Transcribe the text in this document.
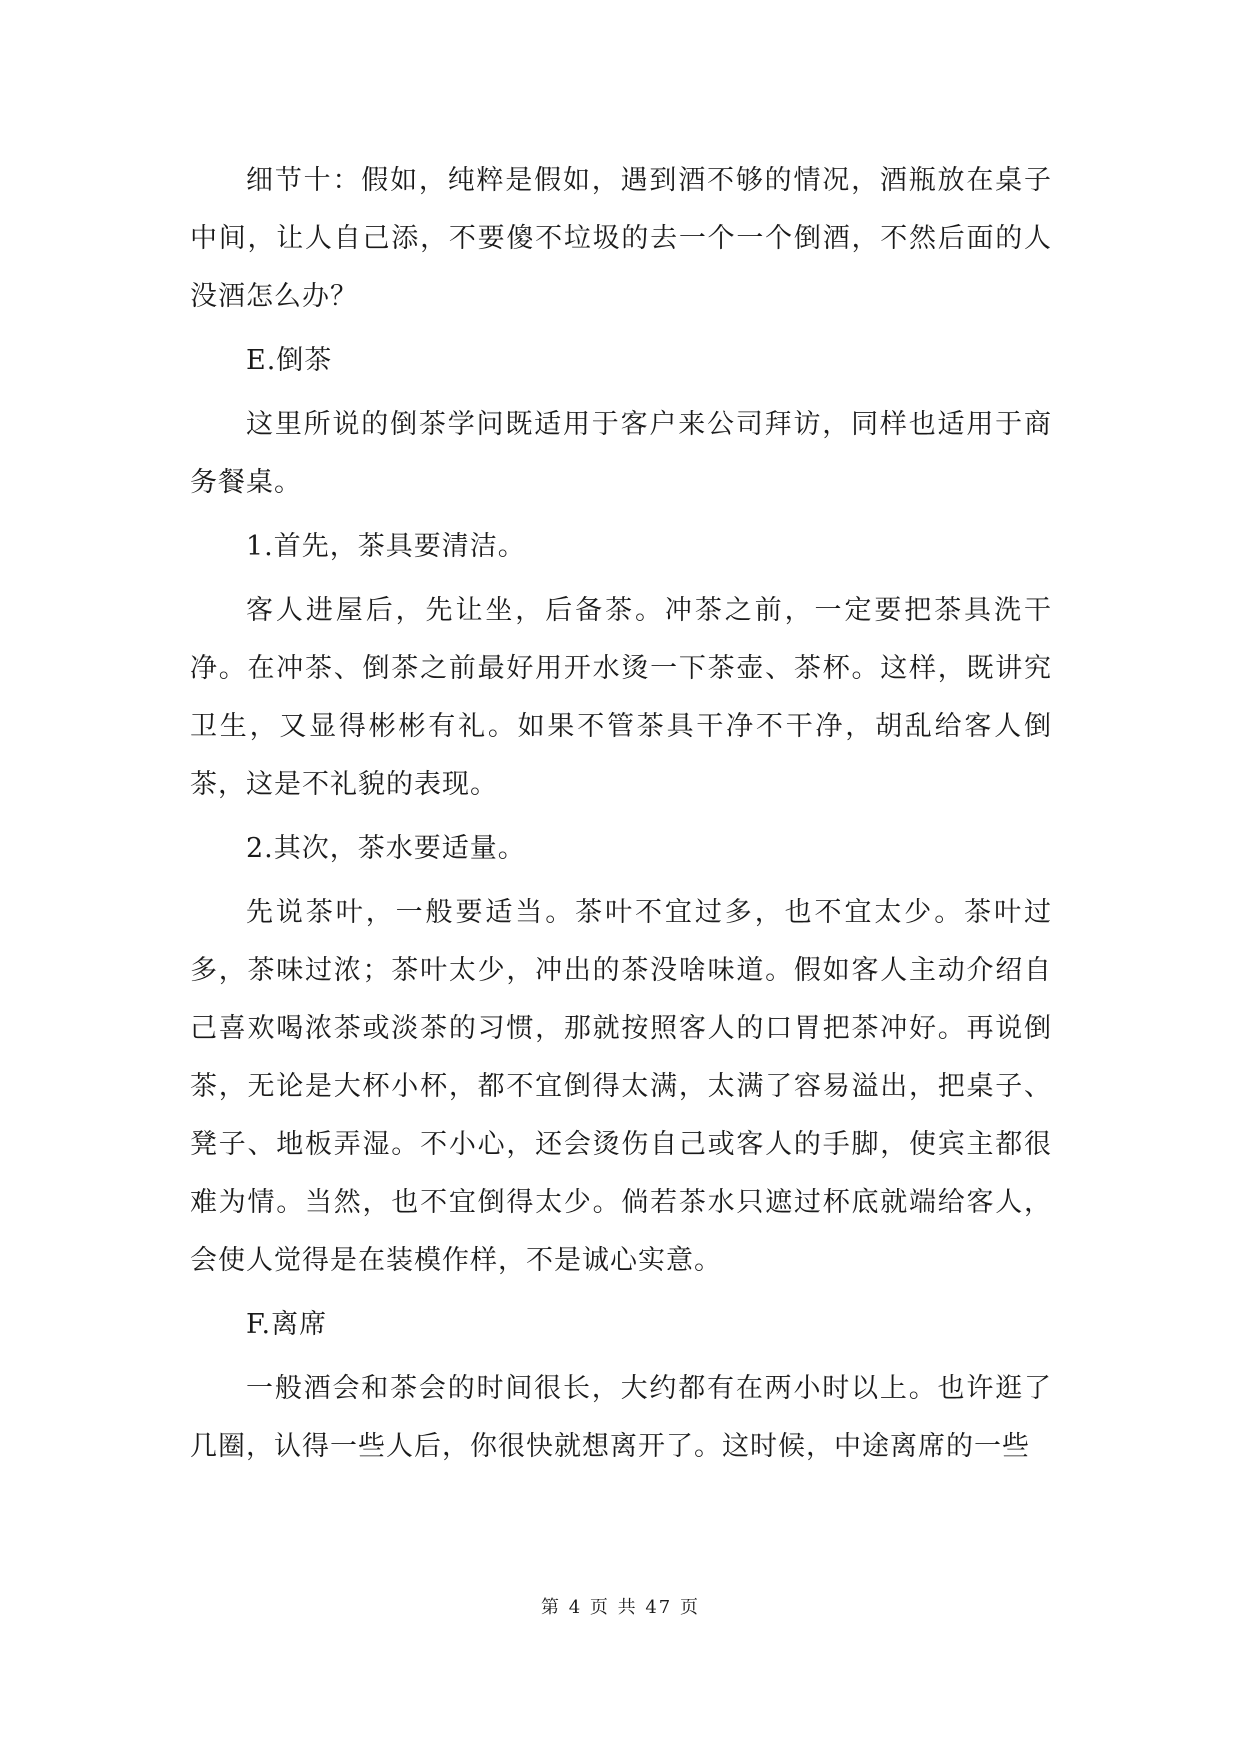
细节十：假如，纯粹是假如，遇到酒不够的情况，酒瓶放在桌子中间，让人自己添，不要傻不垃圾的去一个一个倒酒，不然后面的人没酒怎么办？

E.倒茶

这里所说的倒茶学问既适用于客户来公司拜访，同样也适用于商务餐桌。

1.首先，茶具要清洁。

客人进屋后，先让坐，后备茶。冲茶之前，一定要把茶具洗干净。在冲茶、倒茶之前最好用开水烫一下茶壶、茶杯。这样，既讲究卫生，又显得彬彬有礼。如果不管茶具干净不干净，胡乱给客人倒茶，这是不礼貌的表现。

2.其次，茶水要适量。

先说茶叶，一般要适当。茶叶不宜过多，也不宜太少。茶叶过多，茶味过浓；茶叶太少，冲出的茶没啥味道。假如客人主动介绍自己喜欢喝浓茶或淡茶的习惯，那就按照客人的口胃把茶冲好。再说倒茶，无论是大杯小杯，都不宜倒得太满，太满了容易溢出，把桌子、凳子、地板弄湿。不小心，还会烫伤自己或客人的手脚，使宾主都很难为情。当然，也不宜倒得太少。倘若茶水只遮过杯底就端给客人，会使人觉得是在装模作样，不是诚心实意。

F.离席

一般酒会和茶会的时间很长，大约都有在两小时以上。也许逛了几圈，认得一些人后，你很快就想离开了。这时候，中途离席的一些

第 4 页 共 47 页
